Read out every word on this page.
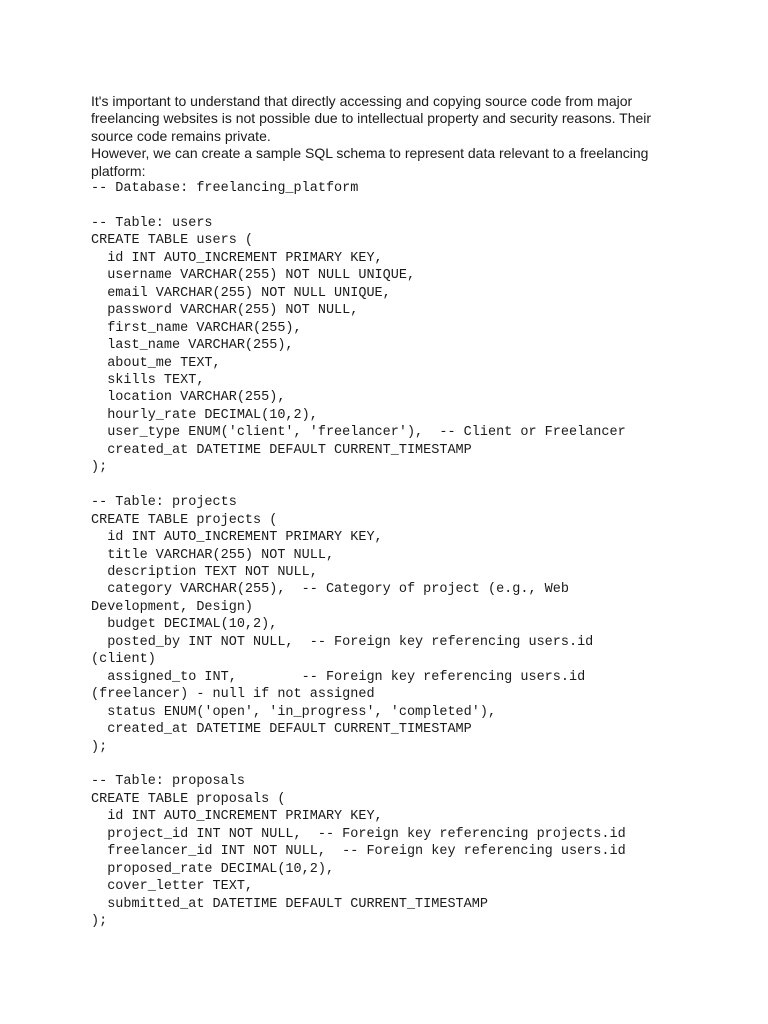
It's important to understand that directly accessing and copying source code from major freelancing websites is not possible due to intellectual property and security reasons. Their source code remains private.

However, we can create a sample SQL schema to represent data relevant to a freelancing platform:

-- Database: freelancing_platform
-- Table: users
CREATE TABLE users (
id INT AUTO_INCREMENT PRIMARY KEY,
username VARCHAR(255) NOT NULL UNIQUE,
email VARCHAR(255) NOT NULL UNIQUE,
password VARCHAR(255) NOT NULL,
first_name VARCHAR(255),
last_name VARCHAR(255),
about_me TEXT,
skills TEXT,
location VARCHAR(255),
hourly_rate DECIMAL(10,2),
user_type ENUM('client', 'freelancer'),  -- Client or Freelancer
created_at DATETIME DEFAULT CURRENT_TIMESTAMP
);
-- Table: projects
CREATE TABLE projects (
id INT AUTO_INCREMENT PRIMARY KEY,
title VARCHAR(255) NOT NULL,
description TEXT NOT NULL,
category VARCHAR(255),  -- Category of project (e.g., Web
Development, Design)
budget DECIMAL(10,2),
posted_by INT NOT NULL,  -- Foreign key referencing users.id
(client)
assigned_to INT,        -- Foreign key referencing users.id
(freelancer) - null if not assigned
status ENUM('open', 'in_progress', 'completed'),
created_at DATETIME DEFAULT CURRENT_TIMESTAMP
);
-- Table: proposals
CREATE TABLE proposals (
id INT AUTO_INCREMENT PRIMARY KEY,
project_id INT NOT NULL,  -- Foreign key referencing projects.id
freelancer_id INT NOT NULL,  -- Foreign key referencing users.id
proposed_rate DECIMAL(10,2),
cover_letter TEXT,
submitted_at DATETIME DEFAULT CURRENT_TIMESTAMP
);
